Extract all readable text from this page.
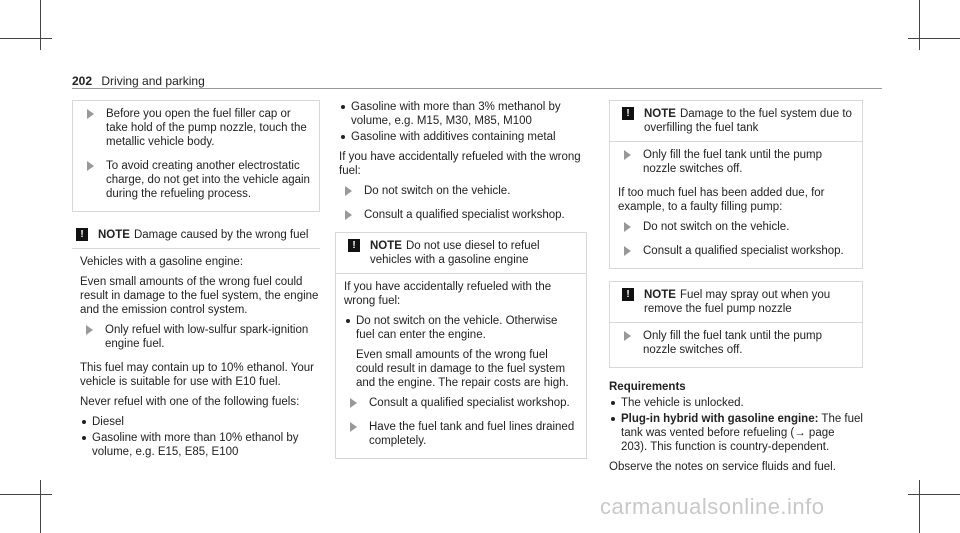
202 Driving and parking
Before you open the fuel filler cap or take hold of the pump nozzle, touch the metallic vehicle body.
To avoid creating another electrostatic charge, do not get into the vehicle again during the refueling process.
!	NOTE Damage caused by the wrong fuel

Vehicles with a gasoline engine:

Even small amounts of the wrong fuel could result in damage to the fuel system, the engine and the emission control system.

Only refuel with low-sulfur spark-ignition engine fuel.

This fuel may contain up to 10% ethanol. Your vehicle is suitable for use with E10 fuel.

Never refuel with one of the following fuels:

Diesel
Gasoline with more than 10% ethanol by volume, e.g. E15, E85, E100
Gasoline with more than 3% methanol by volume, e.g. M15, M30, M85, M100
Gasoline with additives containing metal

If you have accidentally refueled with the wrong fuel:

Do not switch on the vehicle.
Consult a qualified specialist workshop.
!	NOTE Do not use diesel to refuel vehicles with a gasoline engine

If you have accidentally refueled with the wrong fuel:

Do not switch on the vehicle. Otherwise fuel can enter the engine.

Even small amounts of the wrong fuel could result in damage to the fuel system and the engine. The repair costs are high.

Consult a qualified specialist workshop.
Have the fuel tank and fuel lines drained completely.
!	NOTE Damage to the fuel system due to overfilling the fuel tank
Only fill the fuel tank until the pump nozzle switches off.

If too much fuel has been added due, for example, to a faulty filling pump:

Do not switch on the vehicle.
Consult a qualified specialist workshop.
!	NOTE Fuel may spray out when you remove the fuel pump nozzle
Only fill the fuel tank until the pump nozzle switches off.
Requirements
The vehicle is unlocked.
Plug-in hybrid with gasoline engine: The fuel tank was vented before refueling (→ page 203). This function is country-dependent.

Observe the notes on service fluids and fuel.

carmanualsonline.info
